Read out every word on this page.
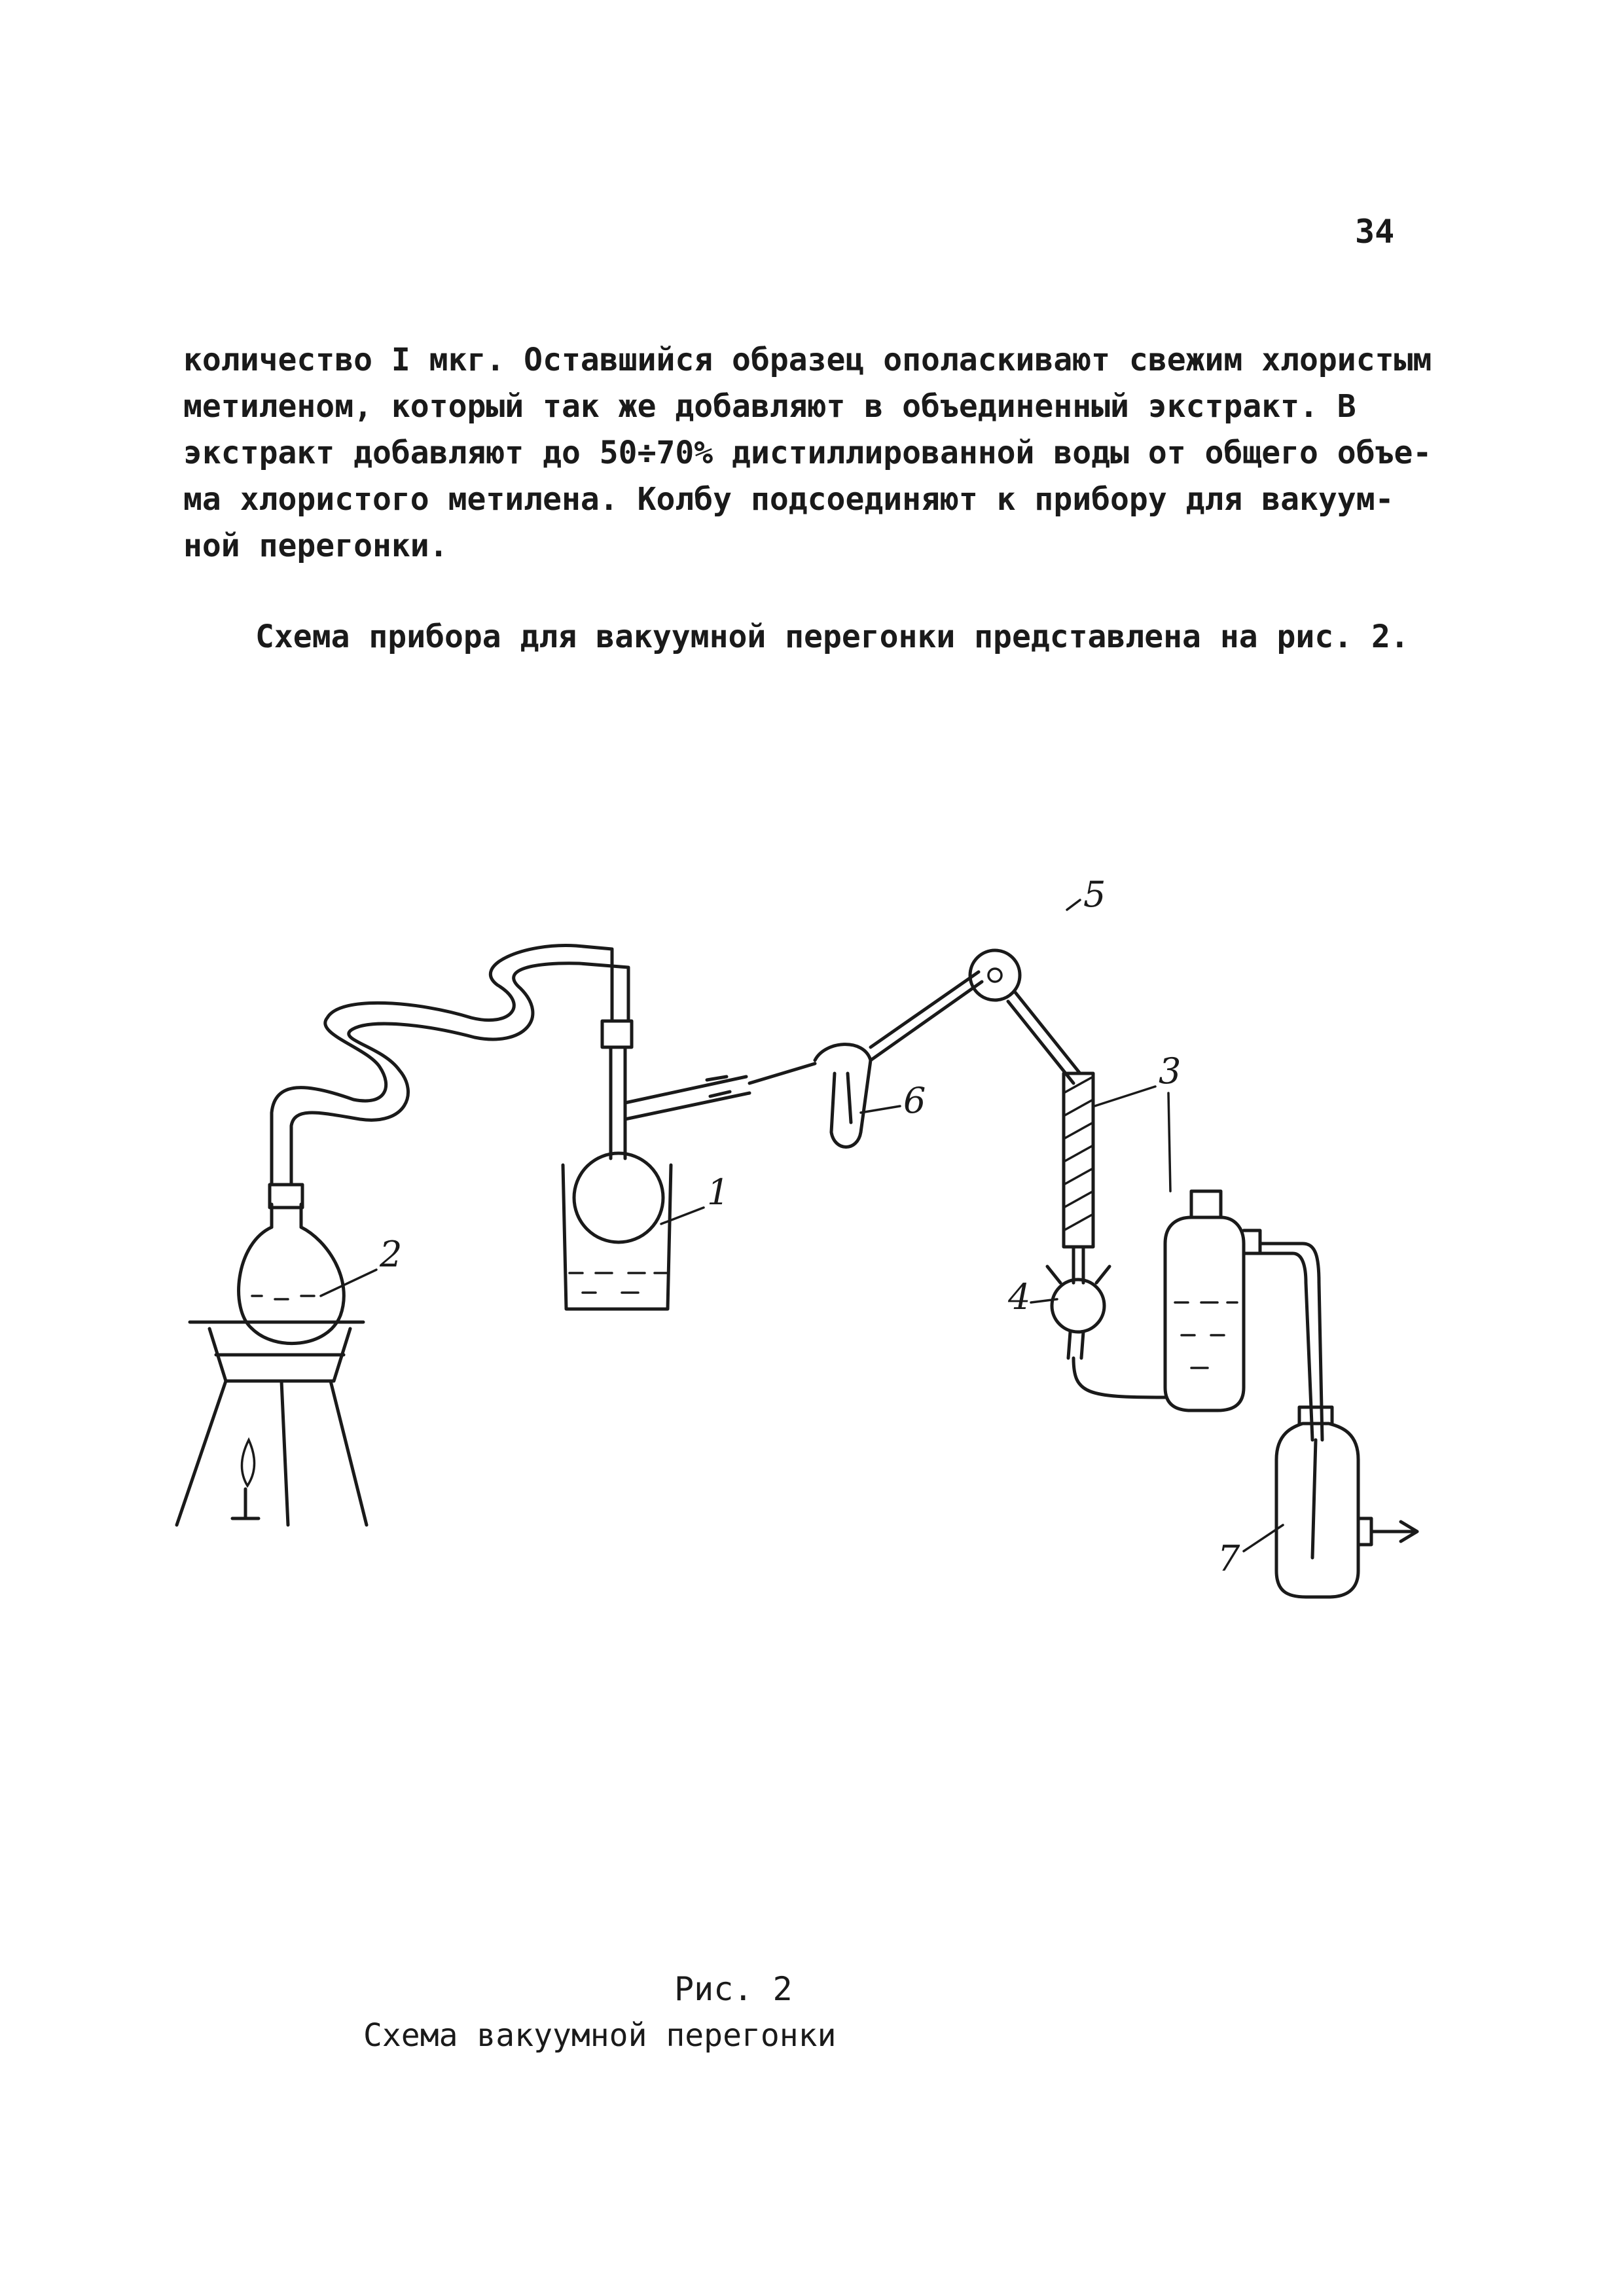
34

количество I мкг. Оставшийся образец ополаскивают свежим хлористым
метиленом, который так же добавляют в объединенный экстракт. В
экстракт добавляют до 50÷70% дистиллированной воды от общего объе-
ма хлористого метилена. Колбу подсоединяют к прибору для вакуум-
ной перегонки.

Схема прибора для вакуумной перегонки представлена на рис. 2.
2
1
6
5
3
4
7
Рис. 2
Схема вакуумной перегонки
